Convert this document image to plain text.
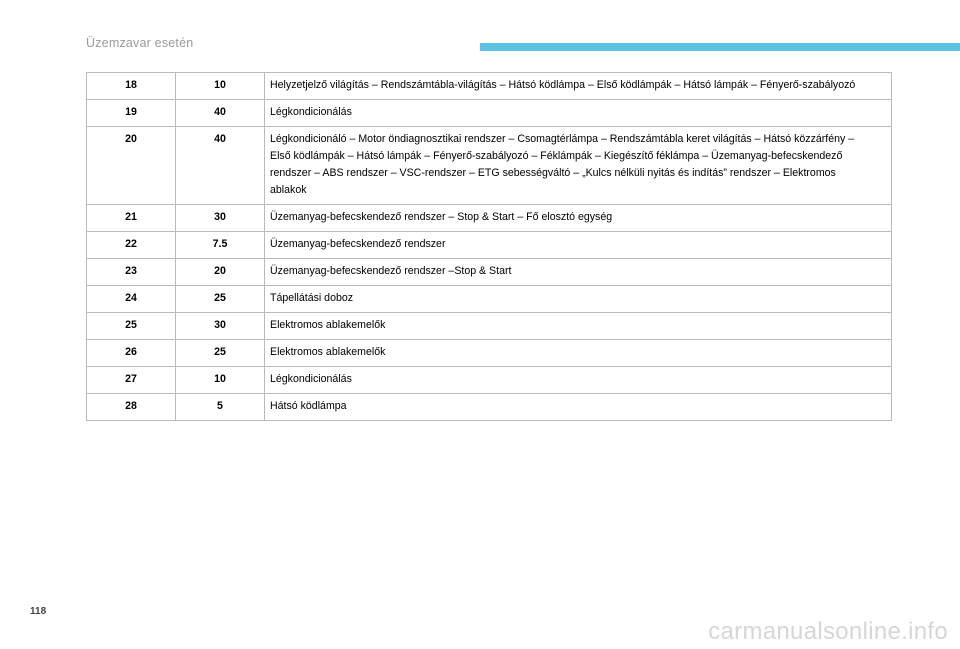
Üzemzavar esetén
18	10	Helyzetjelző világítás – Rendszámtábla-világítás – Hátsó ködlámpa – Első ködlámpák – Hátsó lámpák – Fényerő-szabályozó
19	40	Légkondicionálás
20	40	Légkondicionáló – Motor öndiagnosztikai rendszer – Csomagtérlámpa – Rendszámtábla keret világítás – Hátsó közzárfény – Első ködlámpák – Hátsó lámpák – Fényerő-szabályozó – Féklámpák – Kiegészítő féklámpa – Üzemanyag-befecskendező rendszer – ABS rendszer – VSC-rendszer – ETG sebességváltó – „Kulcs nélküli nyitás és indítás” rendszer – Elektromos ablakok
21	30	Üzemanyag-befecskendező rendszer – Stop & Start – Fő elosztó egység
22	7.5	Üzemanyag-befecskendező rendszer
23	20	Üzemanyag-befecskendező rendszer –Stop & Start
24	25	Tápellátási doboz
25	30	Elektromos ablakemelők
26	25	Elektromos ablakemelők
27	10	Légkondicionálás
28	5	Hátsó ködlámpa
118
carmanualsonline.info
